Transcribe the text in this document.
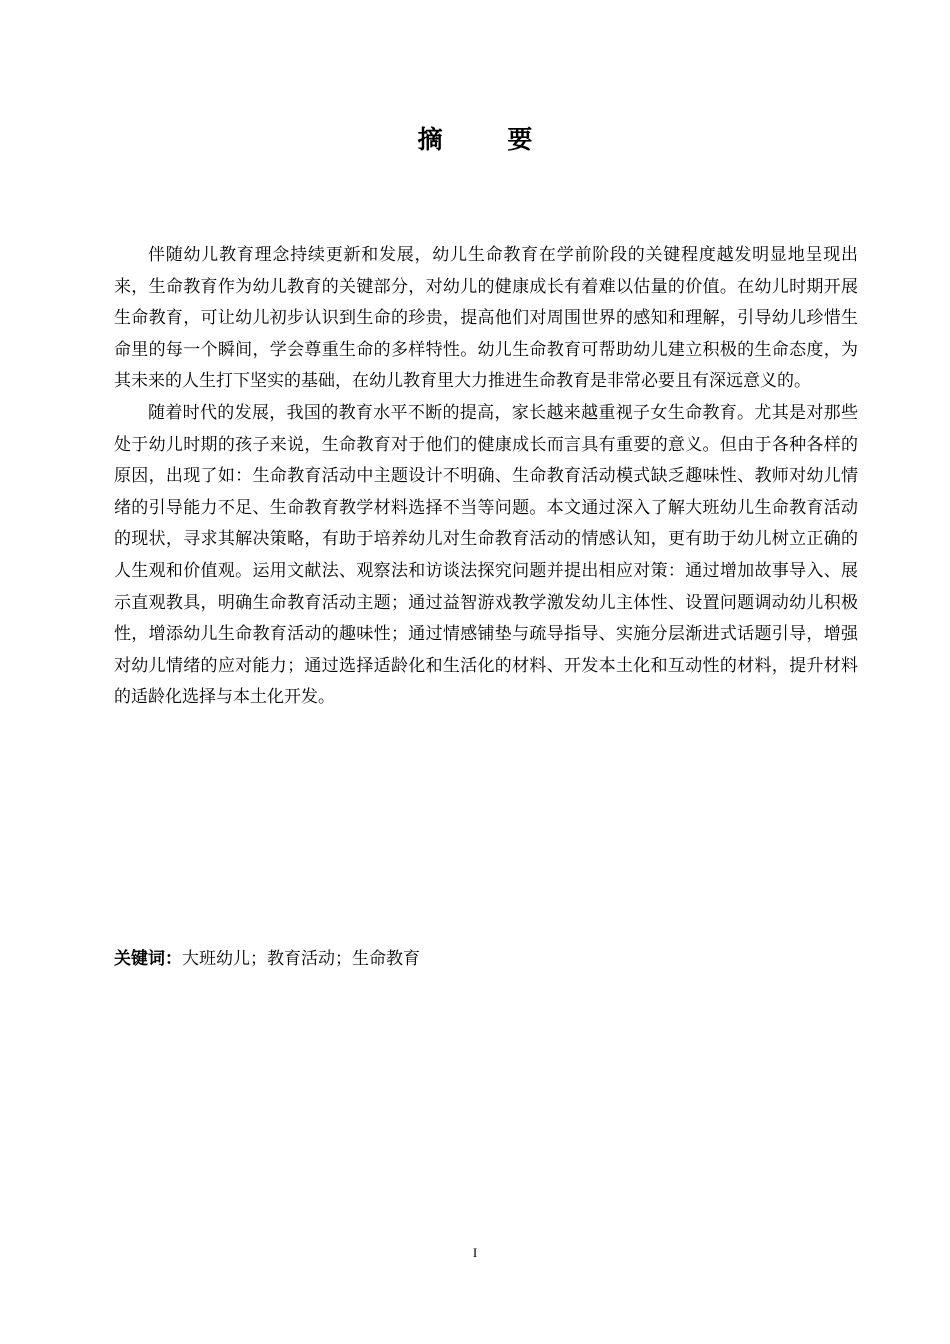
摘 要

伴随幼儿教育理念持续更新和发展，幼儿生命教育在学前阶段的关键程度越发明显地呈现出来，生命教育作为幼儿教育的关键部分，对幼儿的健康成长有着难以估量的价值。在幼儿时期开展生命教育，可让幼儿初步认识到生命的珍贵，提高他们对周围世界的感知和理解，引导幼儿珍惜生命里的每一个瞬间，学会尊重生命的多样特性。幼儿生命教育可帮助幼儿建立积极的生命态度，为其未来的人生打下坚实的基础，在幼儿教育里大力推进生命教育是非常必要且有深远意义的。

随着时代的发展，我国的教育水平不断的提高，家长越来越重视子女生命教育。尤其是对那些处于幼儿时期的孩子来说，生命教育对于他们的健康成长而言具有重要的意义。但由于各种各样的原因，出现了如：生命教育活动中主题设计不明确、生命教育活动模式缺乏趣味性、教师对幼儿情绪的引导能力不足、生命教育教学材料选择不当等问题。本文通过深入了解大班幼儿生命教育活动的现状，寻求其解决策略，有助于培养幼儿对生命教育活动的情感认知，更有助于幼儿树立正确的人生观和价值观。运用文献法、观察法和访谈法探究问题并提出相应对策：通过增加故事导入、展示直观教具，明确生命教育活动主题；通过益智游戏教学激发幼儿主体性、设置问题调动幼儿积极性，增添幼儿生命教育活动的趣味性；通过情感铺垫与疏导指导、实施分层渐进式话题引导，增强对幼儿情绪的应对能力；通过选择适龄化和生活化的材料、开发本土化和互动性的材料，提升材料的适龄化选择与本土化开发。

关键词：大班幼儿；教育活动；生命教育
I
